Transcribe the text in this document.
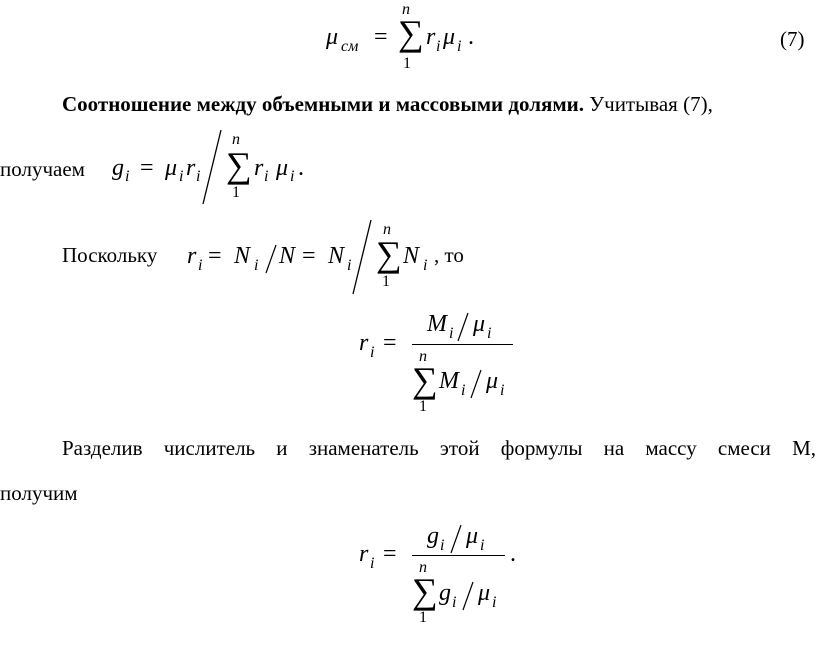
μ см =
n
∑
1
r i μ i .	(7)
Соотношение между объемными и массовыми долями. Учитывая (7),
получаем g i = μ i r i
n
∑
1
r i μ i .
Поскольку r i = N i N = N i
n
∑
1
N i , то
r i =
M i μ i
n
∑
1
M i μ i
Разделив числитель и знаменатель этой формулы на массу смеси М,
получим
r i =
g i μ i .
n
∑
1
g i μ i
